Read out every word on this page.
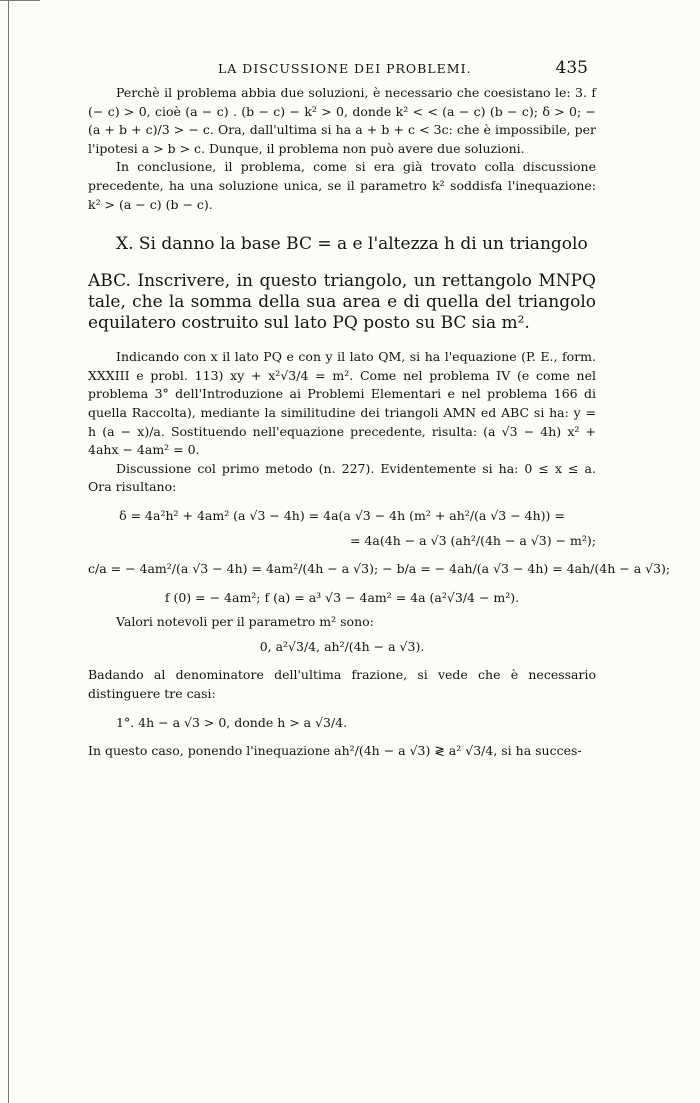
LA DISCUSSIONE DEI PROBLEMI.	435

Perchè il problema abbia due soluzioni, è necessario che coesistano le: 3. f (− c) > 0, cioè (a − c) . (b − c) − k² > 0, donde k² < < (a − c) (b − c); δ > 0; − (a + b + c)/3 > − c. Ora, dall'ultima si ha a + b + c < 3c: che è impossibile, per l'ipotesi a > b > c. Dunque, il problema non può avere due soluzioni.

In conclusione, il problema, come si era già trovato colla discussione precedente, ha una soluzione unica, se il parametro k² soddisfa l'inequazione: k² > (a − c) (b − c).

X. Si danno la base BC = a e l'altezza h di un triangolo

ABC. Inscrivere, in questo triangolo, un rettangolo MNPQ tale, che la somma della sua area e di quella del triangolo equilatero costruito sul lato PQ posto su BC sia m².

Indicando con x il lato PQ e con y il lato QM, si ha l'equazione (P. E., form. XXXIII e probl. 113) xy + x²√3/4 = m². Come nel problema IV (e come nel problema 3° dell'Introduzione ai Problemi Elementari e nel problema 166 di quella Raccolta), mediante la similitudine dei triangoli AMN ed ABC si ha: y = h (a − x)/a. Sostituendo nell'equazione precedente, risulta: (a √3 − 4h) x² + 4ahx − 4am² = 0.

Discussione col primo metodo (n. 227). Evidentemente si ha: 0 ≤ x ≤ a. Ora risultano:

δ = 4a²h² + 4am² (a √3 − 4h) = 4a(a √3 − 4h (m² + ah²/(a √3 − 4h)) =

= 4a(4h − a √3 (ah²/(4h − a √3) − m²);

c/a = − 4am²/(a √3 − 4h) = 4am²/(4h − a √3); − b/a = − 4ah/(a √3 − 4h) = 4ah/(4h − a √3);

f (0) = − 4am²; f (a) = a³ √3 − 4am² = 4a (a²√3/4 − m²).

Valori notevoli per il parametro m² sono:

0, a²√3/4, ah²/(4h − a √3).

Badando al denominatore dell'ultima frazione, si vede che è necessario distinguere tre casi:

1°. 4h − a √3 > 0, donde h > a √3/4.

In questo caso, ponendo l'inequazione ah²/(4h − a √3) ≷ a² √3/4, si ha succes-
